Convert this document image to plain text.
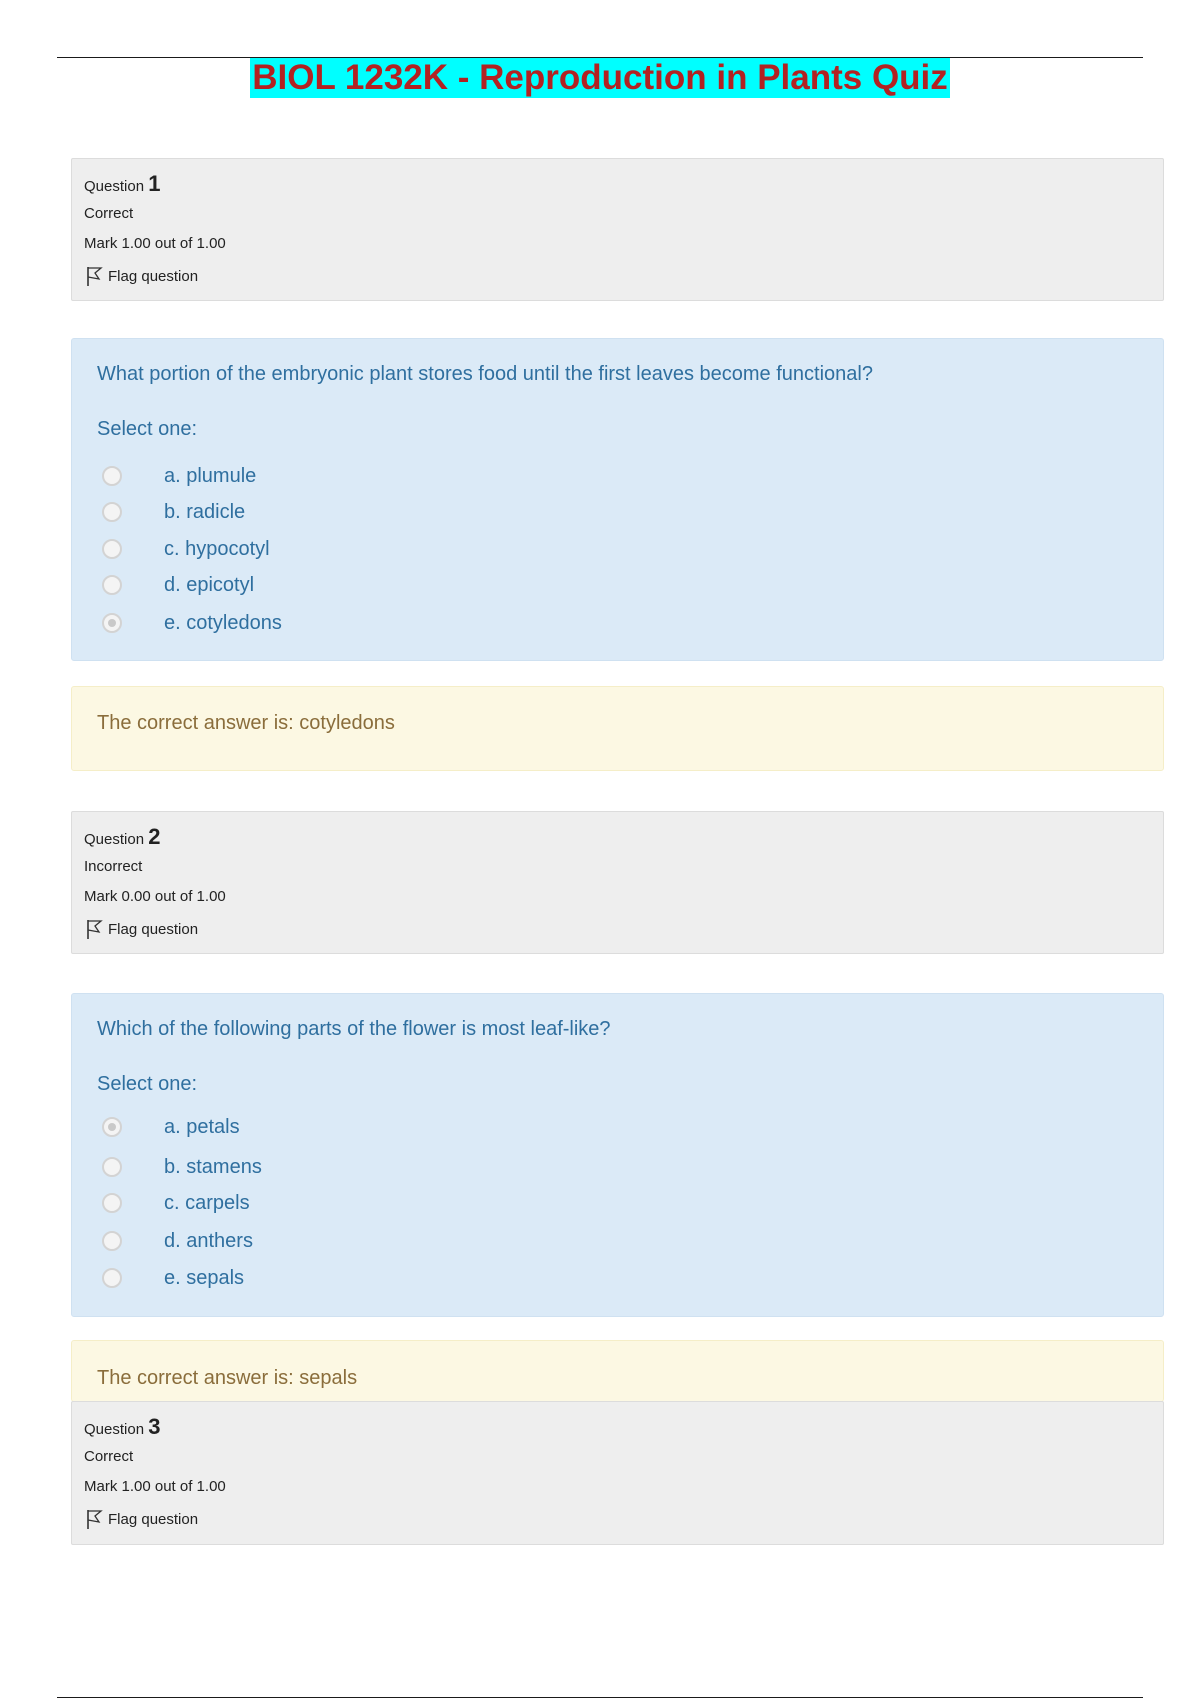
BIOL 1232K - Reproduction in Plants Quiz
Question 1
Correct
Mark 1.00 out of 1.00
Flag question
What portion of the embryonic plant stores food until the first leaves become functional?
Select one:
a. plumule
b. radicle
c. hypocotyl
d. epicotyl
e. cotyledons
The correct answer is: cotyledons
Question 2
Incorrect
Mark 0.00 out of 1.00
Flag question
Which of the following parts of the flower is most leaf-like?
Select one:
a. petals
b. stamens
c. carpels
d. anthers
e. sepals
The correct answer is: sepals
Question 3
Correct
Mark 1.00 out of 1.00
Flag question
